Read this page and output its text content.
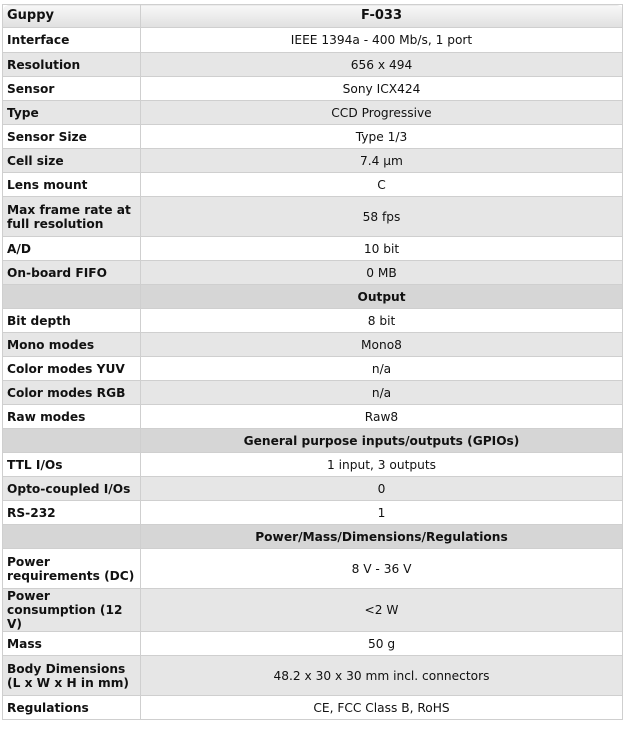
Guppy	F-033
Interface	IEEE 1394a - 400 Mb/s, 1 port
Resolution	656 x 494
Sensor	Sony ICX424
Type	CCD Progressive
Sensor Size	Type 1/3
Cell size	7.4 µm
Lens mount	C
Max frame rate at full resolution	58 fps
A/D	10 bit
On-board FIFO	0 MB
	Output
Bit depth	8 bit
Mono modes	Mono8
Color modes YUV	n/a
Color modes RGB	n/a
Raw modes	Raw8
	General purpose inputs/outputs (GPIOs)
TTL I/Os	1 input, 3 outputs
Opto-coupled I/Os	0
RS-232	1
	Power/Mass/Dimensions/Regulations
Power requirements (DC)	8 V - 36 V
Power consumption (12 V)	<2 W
Mass	50 g
Body Dimensions (L x W x H in mm)	48.2 x 30 x 30 mm incl. connectors
Regulations	CE, FCC Class B, RoHS
